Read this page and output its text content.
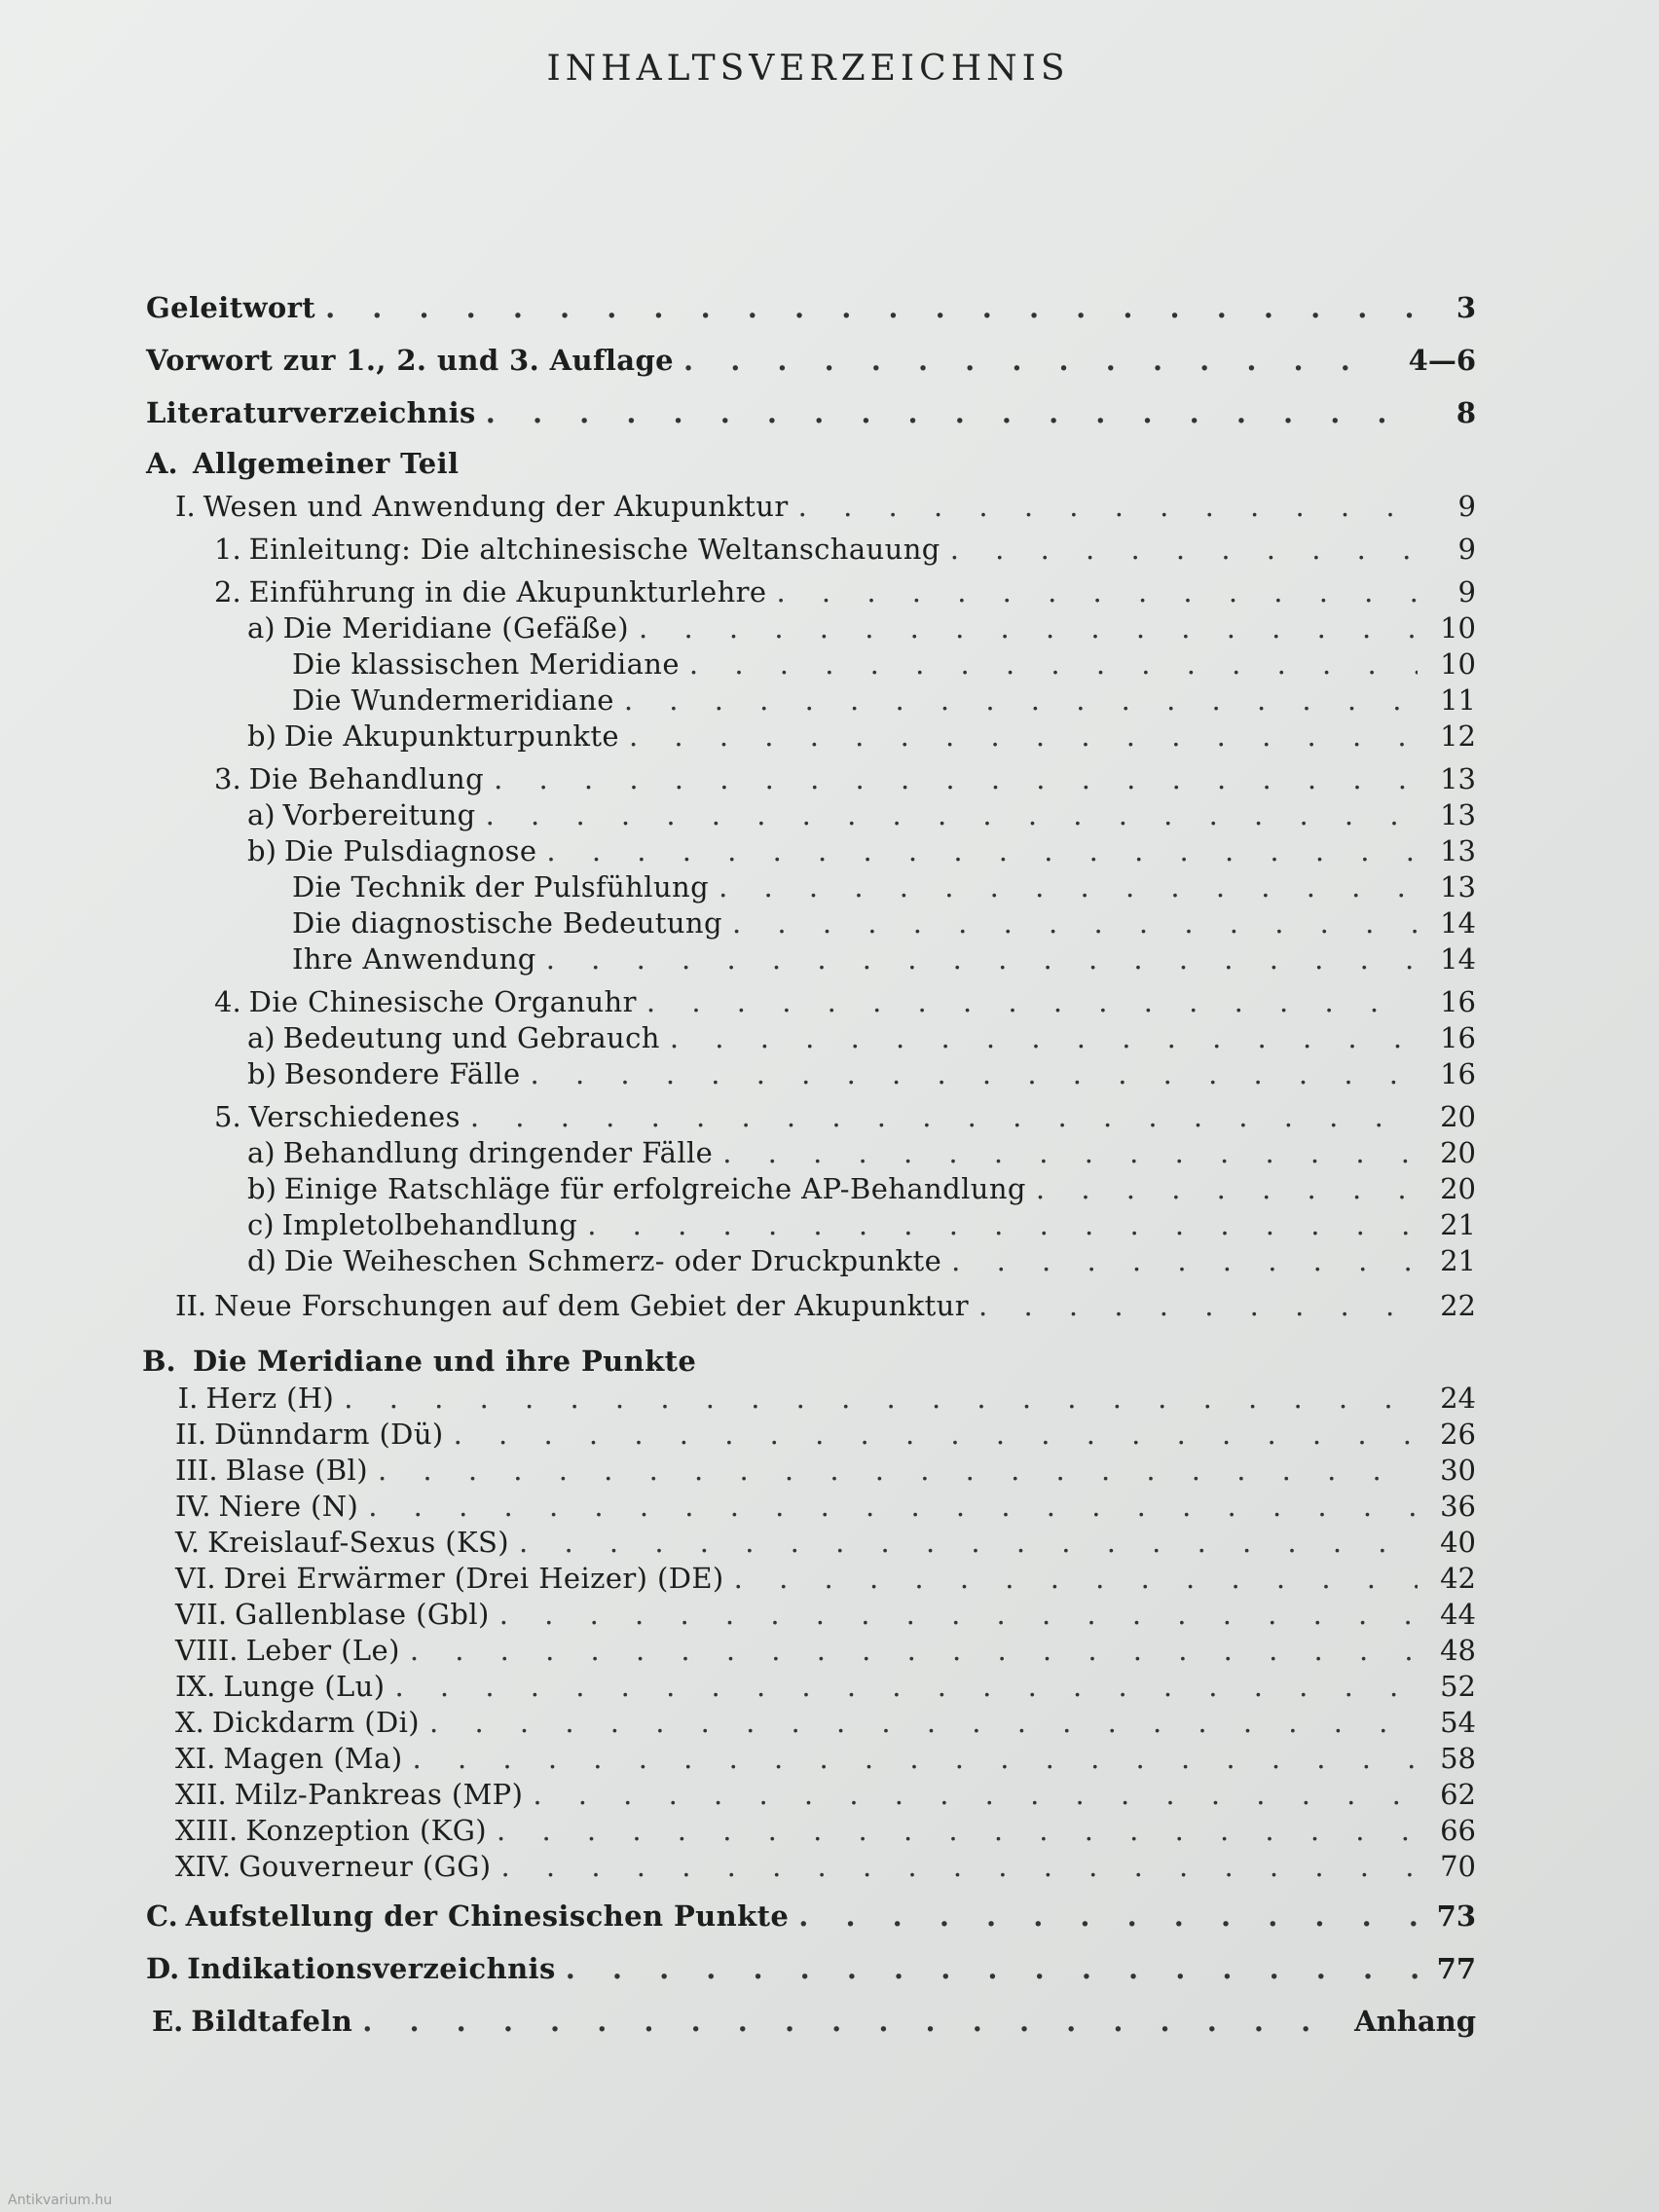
INHALTSVERZEICHNIS
Geleitwort . . .	3
Vorwort zur 1., 2. und 3. Auflage . . .	4—6
Literaturverzeichnis . . .	8
A. Allgemeiner Teil
I. Wesen und Anwendung der Akupunktur . . .	9
1. Einleitung: Die altchinesische Weltanschauung . . .	9
2. Einführung in die Akupunkturlehre . . .	9
a) Die Meridiane (Gefäße) . . .	10
Die klassischen Meridiane . . .	10
Die Wundermeridiane . . .	11
b) Die Akupunkturpunkte . . .	12
3. Die Behandlung . . .	13
a) Vorbereitung . . .	13
b) Die Pulsdiagnose . . .	13
Die Technik der Pulsfühlung . . .	13
Die diagnostische Bedeutung . . .	14
Ihre Anwendung . . .	14
4. Die Chinesische Organuhr . . .	16
a) Bedeutung und Gebrauch . . .	16
b) Besondere Fälle . . .	16
5. Verschiedenes . . .	20
a) Behandlung dringender Fälle . . .	20
b) Einige Ratschläge für erfolgreiche AP-Behandlung . . .	20
c) Impletolbehandlung . . .	21
d) Die Weiheschen Schmerz- oder Druckpunkte . . .	21
II. Neue Forschungen auf dem Gebiet der Akupunktur . . .	22
B. Die Meridiane und ihre Punkte
I. Herz (H) . . .	24
II. Dünndarm (Dü) . . .	26
III. Blase (Bl) . . .	30
IV. Niere (N) . . .	36
V. Kreislauf-Sexus (KS) . . .	40
VI. Drei Erwärmer (Drei Heizer) (DE) . . .	42
VII. Gallenblase (Gbl) . . .	44
VIII. Leber (Le) . . .	48
IX. Lunge (Lu) . . .	52
X. Dickdarm (Di) . . .	54
XI. Magen (Ma) . . .	58
XII. Milz-Pankreas (MP) . . .	62
XIII. Konzeption (KG) . . .	66
XIV. Gouverneur (GG) . . .	70
C. Aufstellung der Chinesischen Punkte . . .	73
D. Indikationsverzeichnis . . .	77
E. Bildtafeln . . .	Anhang
Antikvarium.hu
